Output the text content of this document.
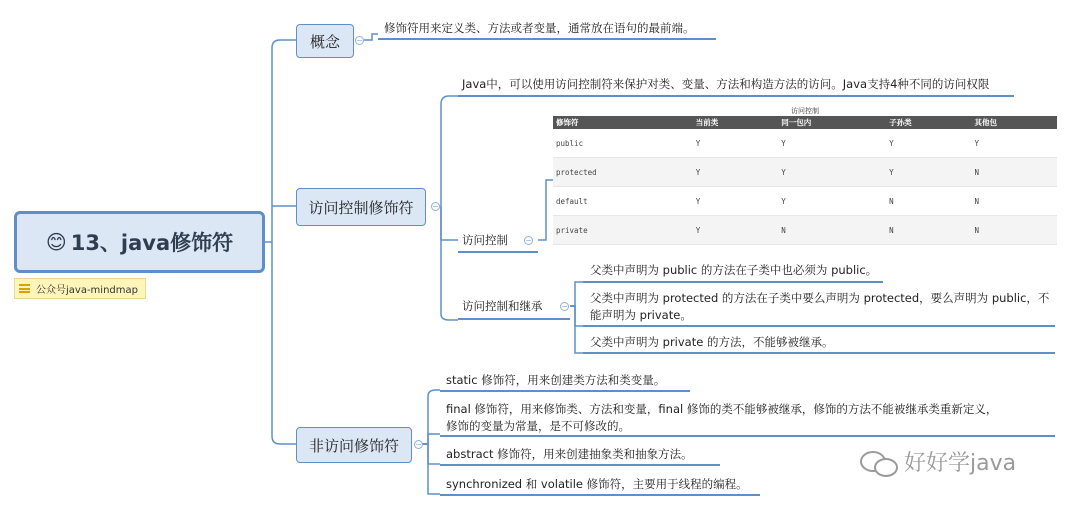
😊 13、java修饰符
公众号java-mindmap
概念 −
修饰符用来定义类、方法或者变量，通常放在语句的最前端。
访问控制修饰符 −
Java中，可以使用访问控制符来保护对类、变量、方法和构造方法的访问。Java支持4种不同的访问权限
访问控制 −
访问控制
修饰符	当前类	同一包内	子孙类	其他包
public	Y	Y	Y	Y
protected	Y	Y	Y	N
default	Y	Y	N	N
private	Y	N	N	N
访问控制和继承 −
父类中声明为 public 的方法在子类中也必须为 public。
父类中声明为 protected 的方法在子类中要么声明为 protected，要么声明为 public，不能声明为 private。
父类中声明为 private 的方法，不能够被继承。
非访问修饰符 −
static 修饰符，用来创建类方法和类变量。
final 修饰符，用来修饰类、方法和变量，final 修饰的类不能够被继承，修饰的方法不能被继承类重新定义，修饰的变量为常量，是不可修改的。
abstract 修饰符，用来创建抽象类和抽象方法。
synchronized 和 volatile 修饰符，主要用于线程的编程。
好好学java
